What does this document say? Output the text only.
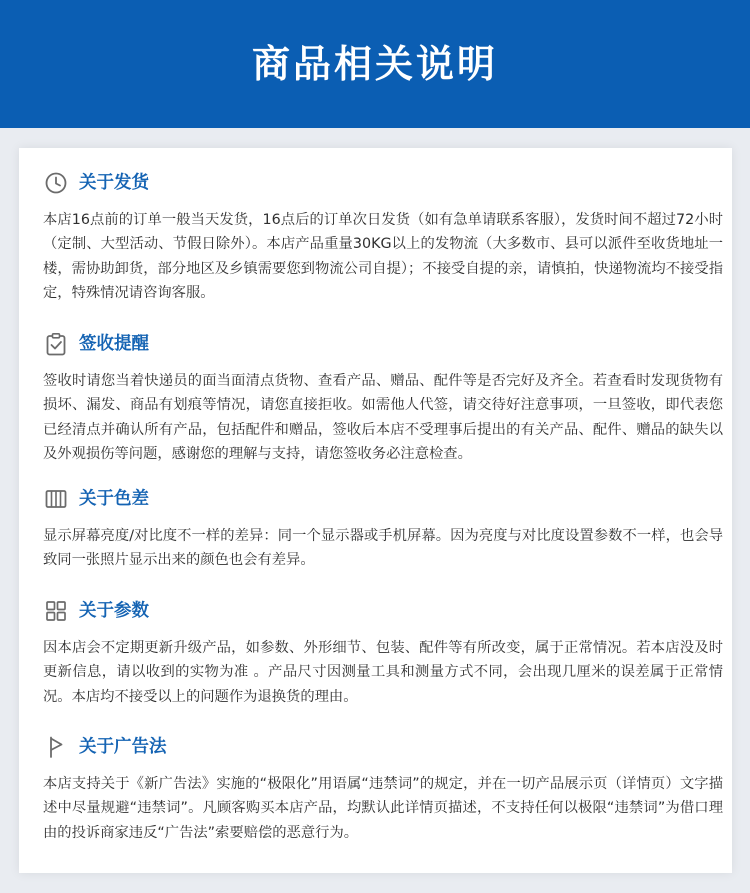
商品相关说明
关于发货

本店16点前的订单一般当天发货，16点后的订单次日发货（如有急单请联系客服），发货时间不超过72小时（定制、大型活动、节假日除外）。本店产品重量30KG以上的发物流（大多数市、县可以派件至收货地址一楼，需协助卸货，部分地区及乡镇需要您到物流公司自提）；不接受自提的亲，请慎拍，快递物流均不接受指定，特殊情况请咨询客服。

签收提醒

签收时请您当着快递员的面当面清点货物、查看产品、赠品、配件等是否完好及齐全。若查看时发现货物有损坏、漏发、商品有划痕等情况，请您直接拒收。如需他人代签，请交待好注意事项，一旦签收，即代表您已经清点并确认所有产品，包括配件和赠品，签收后本店不受理事后提出的有关产品、配件、赠品的缺失以及外观损伤等问题，感谢您的理解与支持，请您签收务必注意检查。

关于色差

显示屏幕亮度/对比度不一样的差异：同一个显示器或手机屏幕。因为亮度与对比度设置参数不一样，也会导致同一张照片显示出来的颜色也会有差异。

关于参数

因本店会不定期更新升级产品，如参数、外形细节、包装、配件等有所改变，属于正常情况。若本店没及时更新信息，请以收到的实物为准 。产品尺寸因测量工具和测量方式不同，会出现几厘米的误差属于正常情况。本店均不接受以上的问题作为退换货的理由。

关于广告法

本店支持关于《新广告法》实施的“极限化”用语属“违禁词”的规定，并在一切产品展示页（详情页）文字描述中尽量规避“违禁词”。凡顾客购买本店产品，均默认此详情页描述，不支持任何以极限“违禁词”为借口理由的投诉商家违反“广告法”索要赔偿的恶意行为。
